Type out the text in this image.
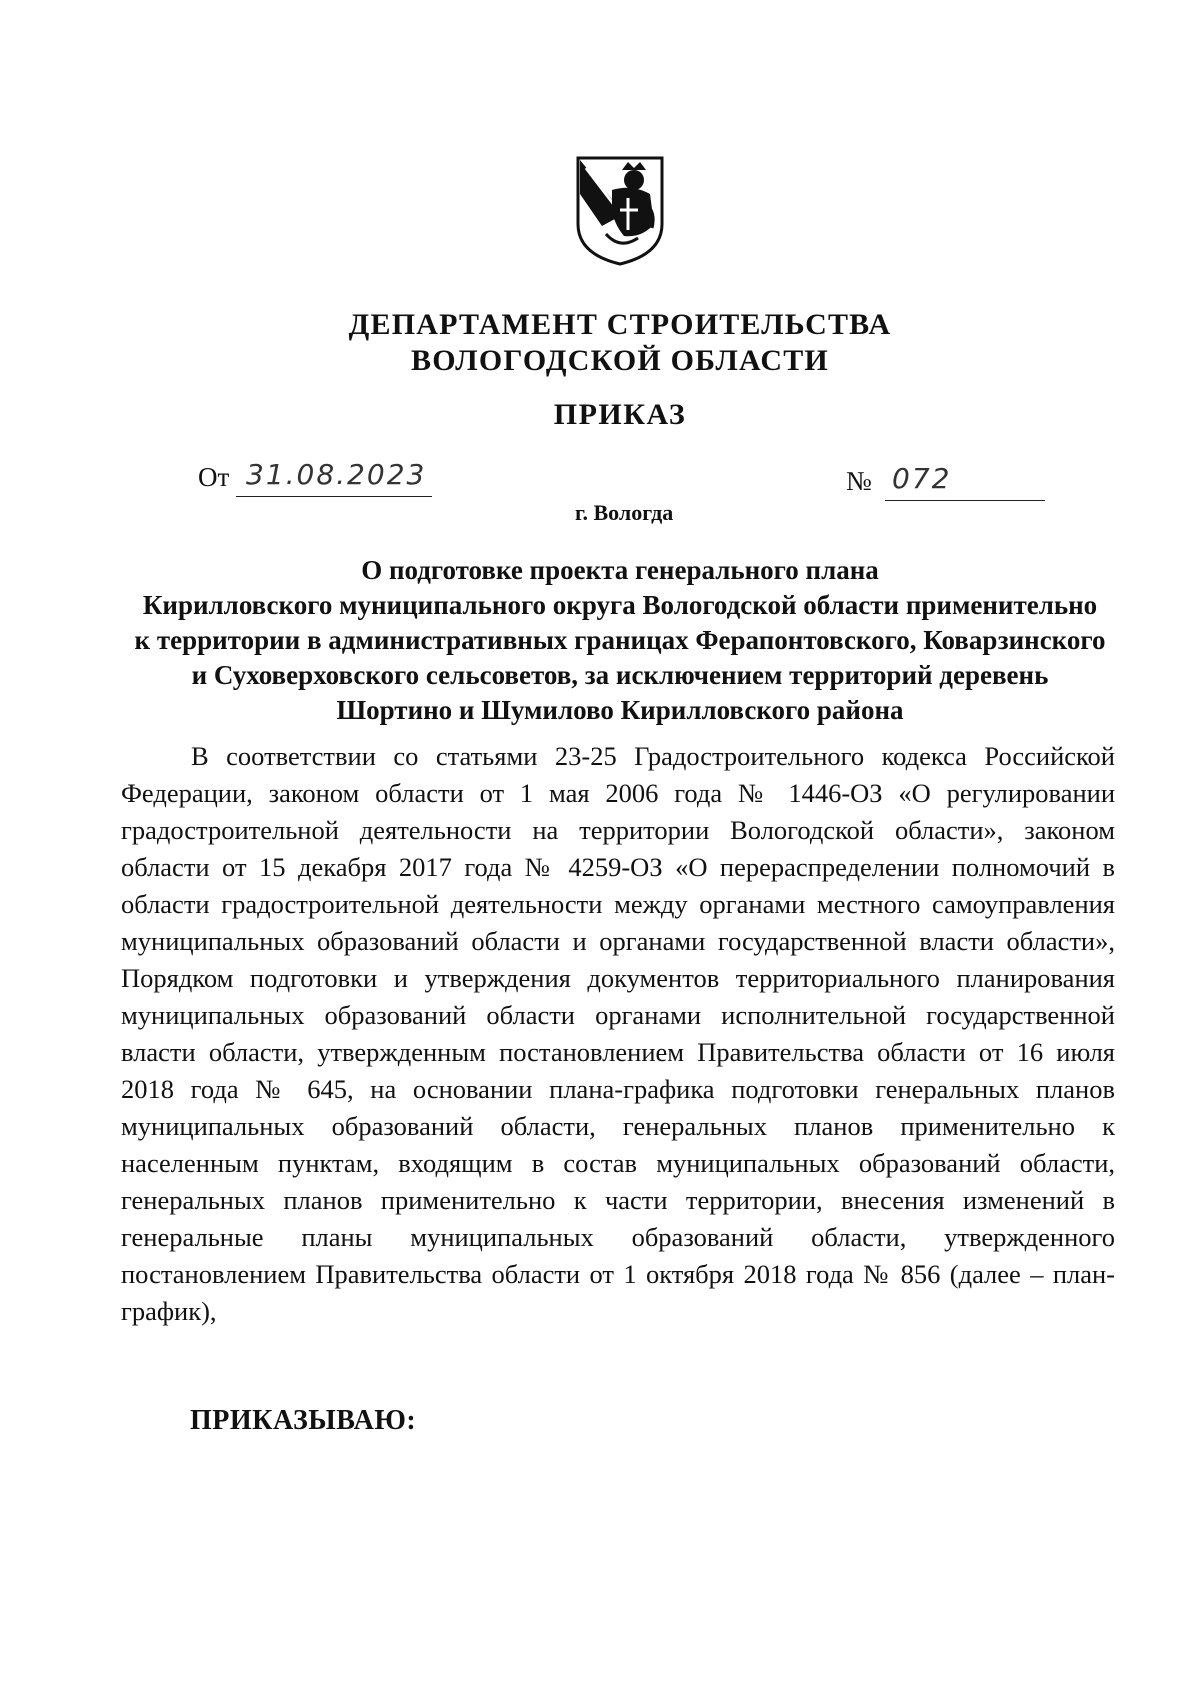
ДЕПАРТАМЕНТ СТРОИТЕЛЬСТВА
ВОЛОГОДСКОЙ ОБЛАСТИ
ПРИКАЗ
От 31.08.2023	№ 072
г. Вологда
О подготовке проекта генерального плана
Кирилловского муниципального округа Вологодской области применительно
к территории в административных границах Ферапонтовского, Коварзинского
и Суховерховского сельсоветов, за исключением территорий деревень
Шортино и Шумилово Кирилловского района
В соответствии со статьями 23-25 Градостроительного кодекса Российской
Федерации, законом области от 1 мая 2006 года № 1446-ОЗ «О регулировании
градостроительной деятельности на территории Вологодской области», законом
области от 15 декабря 2017 года № 4259-ОЗ «О перераспределении полномочий в
области градостроительной деятельности между органами местного самоуправления
муниципальных образований области и органами государственной власти области»,
Порядком подготовки и утверждения документов территориального планирования
муниципальных образований области органами исполнительной государственной
власти области, утвержденным постановлением Правительства области от 16 июля
2018 года № 645, на основании плана-графика подготовки генеральных планов
муниципальных образований области, генеральных планов применительно к
населенным пунктам, входящим в состав муниципальных образований области,
генеральных планов применительно к части территории, внесения изменений в
генеральные планы муниципальных образований области, утвержденного
постановлением Правительства области от 1 октября 2018 года № 856 (далее – план-
график),
ПРИКАЗЫВАЮ:
